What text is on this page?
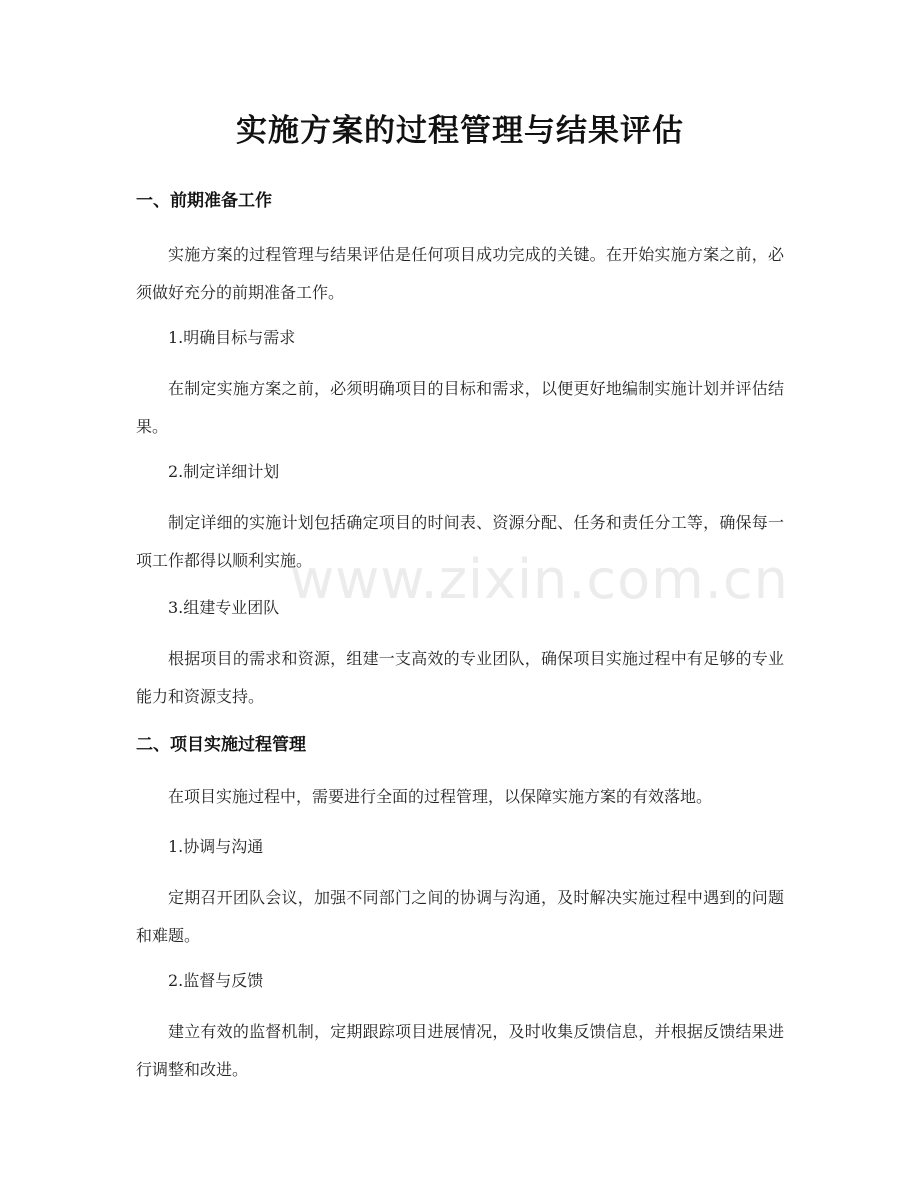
实施方案的过程管理与结果评估
一、前期准备工作

实施方案的过程管理与结果评估是任何项目成功完成的关键。在开始实施方案之前，必须做好充分的前期准备工作。

1.明确目标与需求

在制定实施方案之前，必须明确项目的目标和需求，以便更好地编制实施计划并评估结果。

2.制定详细计划

制定详细的实施计划包括确定项目的时间表、资源分配、任务和责任分工等，确保每一项工作都得以顺利实施。

3.组建专业团队

根据项目的需求和资源，组建一支高效的专业团队，确保项目实施过程中有足够的专业能力和资源支持。

二、项目实施过程管理

在项目实施过程中，需要进行全面的过程管理，以保障实施方案的有效落地。

1.协调与沟通

定期召开团队会议，加强不同部门之间的协调与沟通，及时解决实施过程中遇到的问题和难题。

2.监督与反馈

建立有效的监督机制，定期跟踪项目进展情况，及时收集反馈信息，并根据反馈结果进行调整和改进。

www.zixin.com.cn
